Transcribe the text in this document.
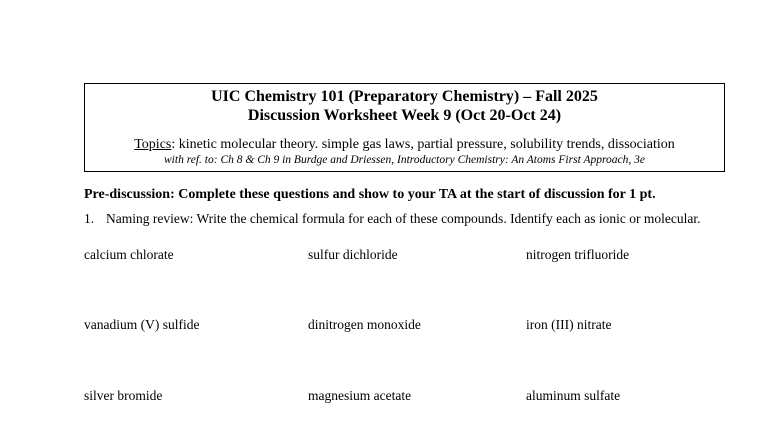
UIC Chemistry 101 (Preparatory Chemistry) – Fall 2025
Discussion Worksheet Week 9 (Oct 20-Oct 24)
Topics: kinetic molecular theory. simple gas laws, partial pressure, solubility trends, dissociation
with ref. to: Ch 8 & Ch 9 in Burdge and Driessen, Introductory Chemistry: An Atoms First Approach, 3e
Pre-discussion: Complete these questions and show to your TA at the start of discussion for 1 pt.
1. Naming review: Write the chemical formula for each of these compounds. Identify each as ionic or molecular.
calcium chlorate	sulfur dichloride	nitrogen trifluoride
vanadium (V) sulfide	dinitrogen monoxide	iron (III) nitrate
silver bromide	magnesium acetate	aluminum sulfate
